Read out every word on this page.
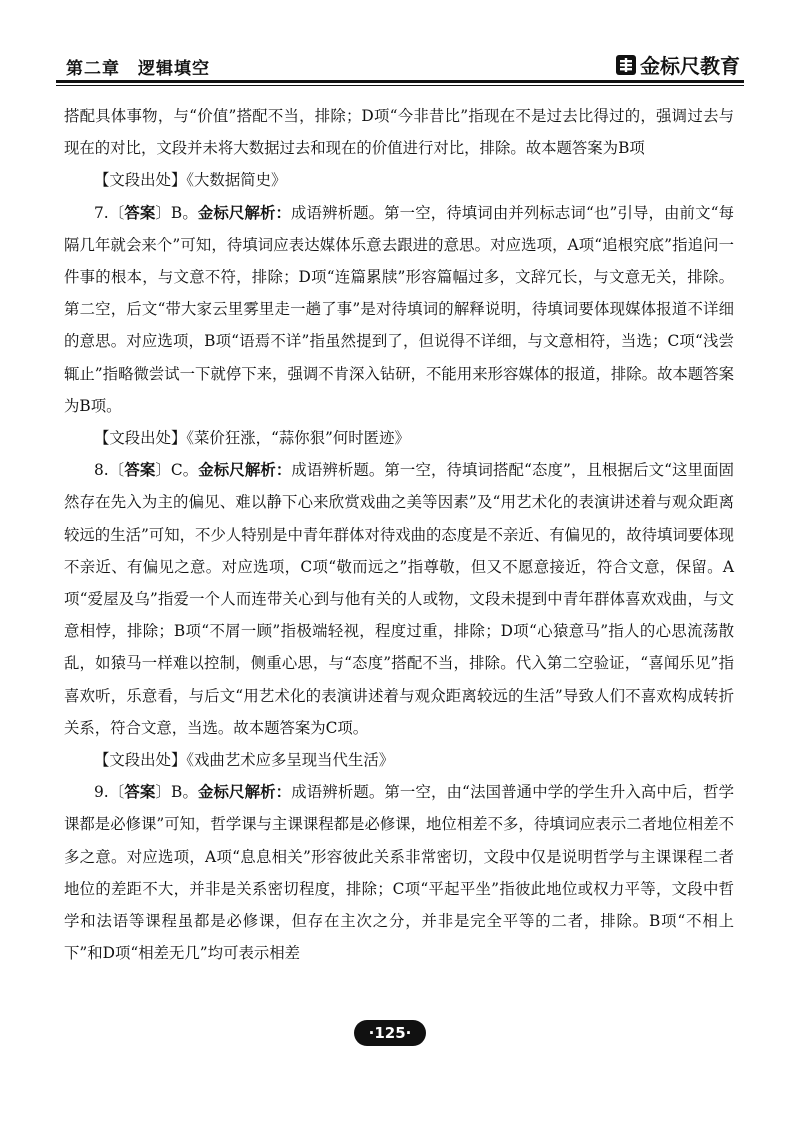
第二章　逻辑填空	金标尺教育

搭配具体事物，与“价值”搭配不当，排除；D项“今非昔比”指现在不是过去比得过的，强调过去与现在的对比，文段并未将大数据过去和现在的价值进行对比，排除。故本题答案为B项

【文段出处】《大数据简史》

7.〔答案〕B。金标尺解析：成语辨析题。第一空，待填词由并列标志词“也”引导，由前文“每隔几年就会来个”可知，待填词应表达媒体乐意去跟进的意思。对应选项，A项“追根究底”指追问一件事的根本，与文意不符，排除；D项“连篇累牍”形容篇幅过多，文辞冗长，与文意无关，排除。第二空，后文“带大家云里雾里走一趟了事”是对待填词的解释说明，待填词要体现媒体报道不详细的意思。对应选项，B项“语焉不详”指虽然提到了，但说得不详细，与文意相符，当选；C项“浅尝辄止”指略微尝试一下就停下来，强调不肯深入钻研，不能用来形容媒体的报道，排除。故本题答案为B项。

【文段出处】《菜价狂涨，“蒜你狠”何时匿迹》

8.〔答案〕C。金标尺解析：成语辨析题。第一空，待填词搭配“态度”，且根据后文“这里面固然存在先入为主的偏见、难以静下心来欣赏戏曲之美等因素”及“用艺术化的表演讲述着与观众距离较远的生活”可知，不少人特别是中青年群体对待戏曲的态度是不亲近、有偏见的，故待填词要体现不亲近、有偏见之意。对应选项，C项“敬而远之”指尊敬，但又不愿意接近，符合文意，保留。A项“爱屋及乌”指爱一个人而连带关心到与他有关的人或物，文段未提到中青年群体喜欢戏曲，与文意相悖，排除；B项“不屑一顾”指极端轻视，程度过重，排除；D项“心猿意马”指人的心思流荡散乱，如猿马一样难以控制，侧重心思，与“态度”搭配不当，排除。代入第二空验证，“喜闻乐见”指喜欢听，乐意看，与后文“用艺术化的表演讲述着与观众距离较远的生活”导致人们不喜欢构成转折关系，符合文意，当选。故本题答案为C项。

【文段出处】《戏曲艺术应多呈现当代生活》

9.〔答案〕B。金标尺解析：成语辨析题。第一空，由“法国普通中学的学生升入高中后，哲学课都是必修课”可知，哲学课与主课课程都是必修课，地位相差不多，待填词应表示二者地位相差不多之意。对应选项，A项“息息相关”形容彼此关系非常密切，文段中仅是说明哲学与主课课程二者地位的差距不大，并非是关系密切程度，排除；C项“平起平坐”指彼此地位或权力平等，文段中哲学和法语等课程虽都是必修课，但存在主次之分，并非是完全平等的二者，排除。B项“不相上下”和D项“相差无几”均可表示相差

·125·
